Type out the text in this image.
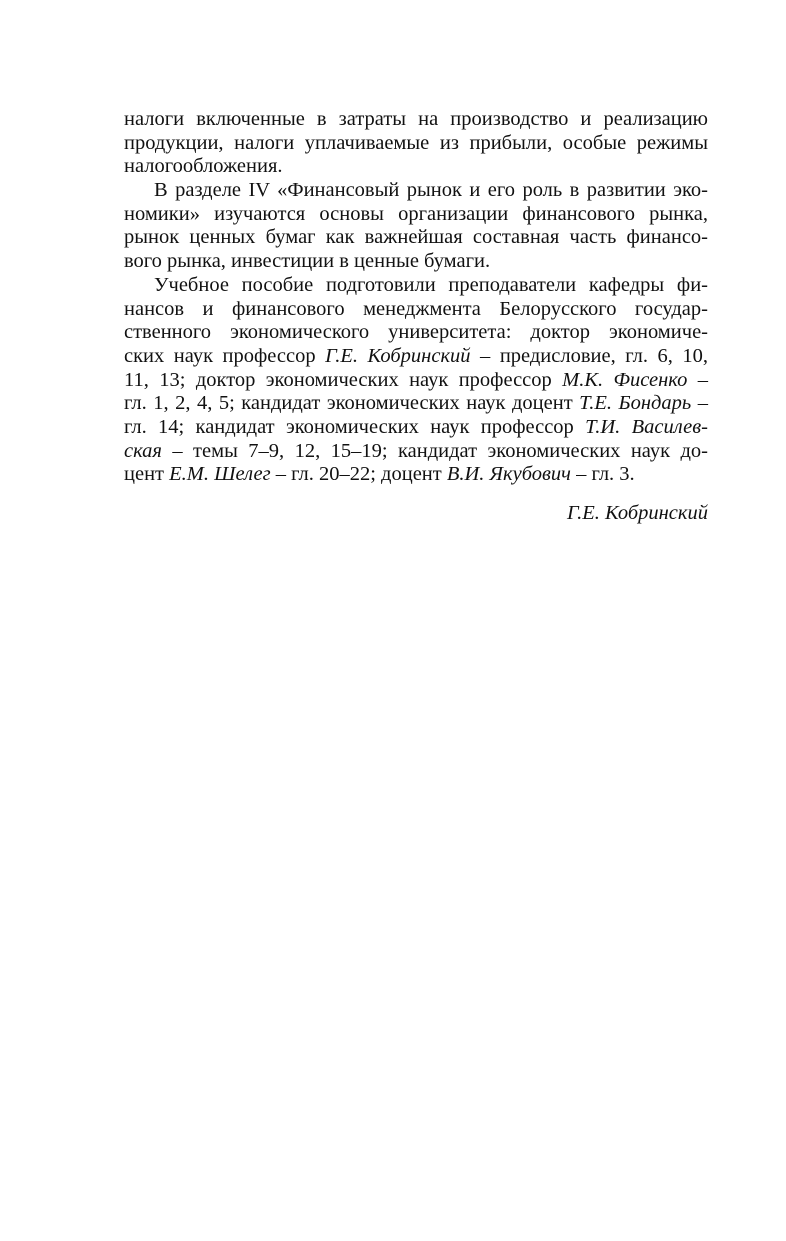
налоги включенные в затраты на производство и реализацию
продукции, налоги уплачиваемые из прибыли, особые режимы
налогообложения.
В разделе IV «Финансовый рынок и его роль в развитии эко-
номики» изучаются основы организации финансового рынка,
рынок ценных бумаг как важнейшая составная часть финансо-
вого рынка, инвестиции в ценные бумаги.
Учебное пособие подготовили преподаватели кафедры фи-
нансов и финансового менеджмента Белорусского государ-
ственного экономического университета: доктор экономиче-
ских наук профессор Г.Е. Кобринский – предисловие, гл. 6, 10,
11, 13; доктор экономических наук профессор М.К. Фисенко –
гл. 1, 2, 4, 5; кандидат экономических наук доцент Т.Е. Бондарь –
гл. 14; кандидат экономических наук профессор Т.И. Василев-
ская – темы 7–9, 12, 15–19; кандидат экономических наук до-
цент Е.М. Шелег – гл. 20–22; доцент В.И. Якубович – гл. 3.
Г.Е. Кобринский
